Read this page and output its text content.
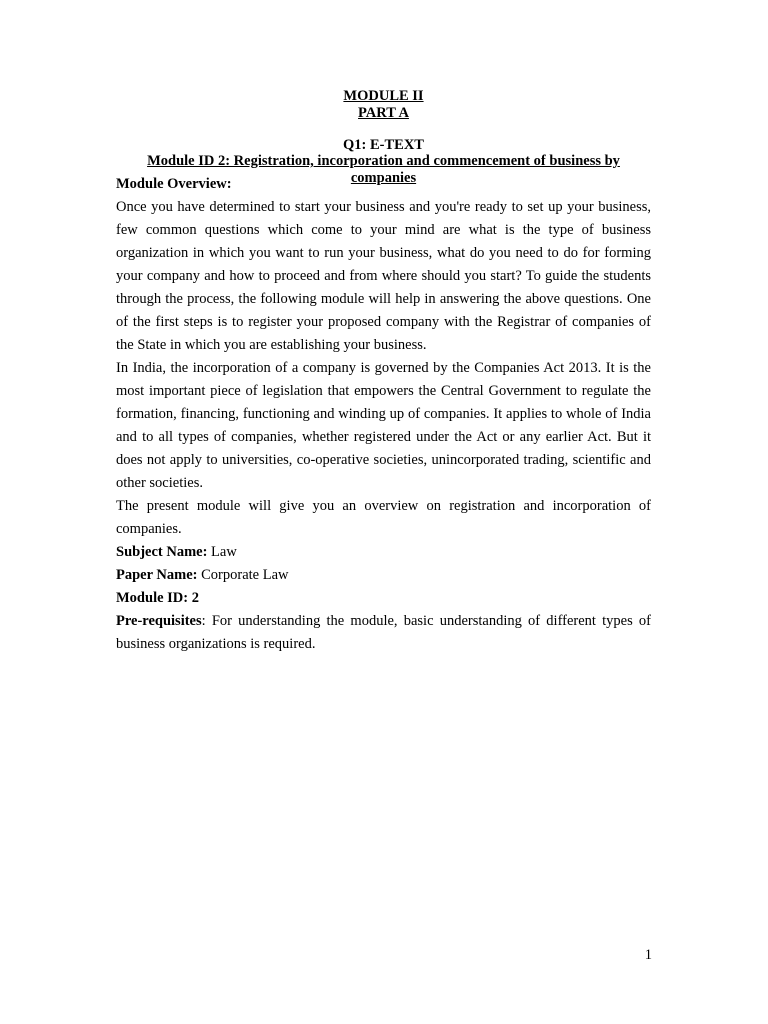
MODULE II
PART A
Q1: E-TEXT
Module ID 2: Registration, incorporation and commencement of business by companies

Module Overview:

Once you have determined to start your business and you're ready to set up your business, few common questions which come to your mind are what is the type of business organization in which you want to run your business, what do you need to do for forming your company and how to proceed and from where should you start? To guide the students through the process, the following module will help in answering the above questions. One of the first steps is to register your proposed company with the Registrar of companies of the State in which you are establishing your business.

In India, the incorporation of a company is governed by the Companies Act 2013. It is the most important piece of legislation that empowers the Central Government to regulate the formation, financing, functioning and winding up of companies. It applies to whole of India and to all types of companies, whether registered under the Act or any earlier Act. But it does not apply to universities, co-operative societies, unincorporated trading, scientific and other societies.

The present module will give you an overview on registration and incorporation of companies.

Subject Name: Law

Paper Name: Corporate Law

Module ID: 2

Pre-requisites: For understanding the module, basic understanding of different types of business organizations is required.

1
